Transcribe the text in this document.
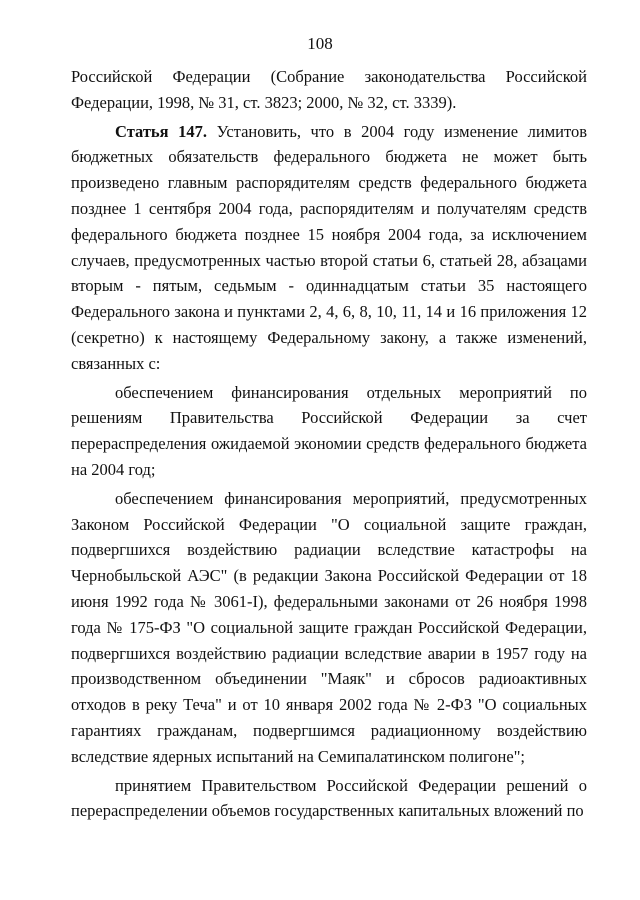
108

Российской Федерации (Собрание законодательства Российской Федерации, 1998, № 31, ст. 3823; 2000, № 32, ст. 3339).

Статья 147. Установить, что в 2004 году изменение лимитов бюджетных обязательств федерального бюджета не может быть произведено главным распорядителям средств федерального бюджета позднее 1 сентября 2004 года, распорядителям и получателям средств федерального бюджета позднее 15 ноября 2004 года, за исключением случаев, предусмотренных частью второй статьи 6, статьей 28, абзацами вторым - пятым, седьмым - одиннадцатым статьи 35 настоящего Федерального закона и пунктами 2, 4, 6, 8, 10, 11, 14 и 16 приложения 12 (секретно) к настоящему Федеральному закону, а также изменений, связанных с:

обеспечением финансирования отдельных мероприятий по решениям Правительства Российской Федерации за счет перераспределения ожидаемой экономии средств федерального бюджета на 2004 год;

обеспечением финансирования мероприятий, предусмотренных Законом Российской Федерации "О социальной защите граждан, подвергшихся воздействию радиации вследствие катастрофы на Чернобыльской АЭС" (в редакции Закона Российской Федерации от 18 июня 1992 года № 3061-I), федеральными законами от 26 ноября 1998 года № 175-ФЗ "О социальной защите граждан Российской Федерации, подвергшихся воздействию радиации вследствие аварии в 1957 году на производственном объединении "Маяк" и сбросов радиоактивных отходов в реку Теча" и от 10 января 2002 года № 2-ФЗ "О социальных гарантиях гражданам, подвергшимся радиационному воздействию вследствие ядерных испытаний на Семипалатинском полигоне";

принятием Правительством Российской Федерации решений о перераспределении объемов государственных капитальных вложений по
